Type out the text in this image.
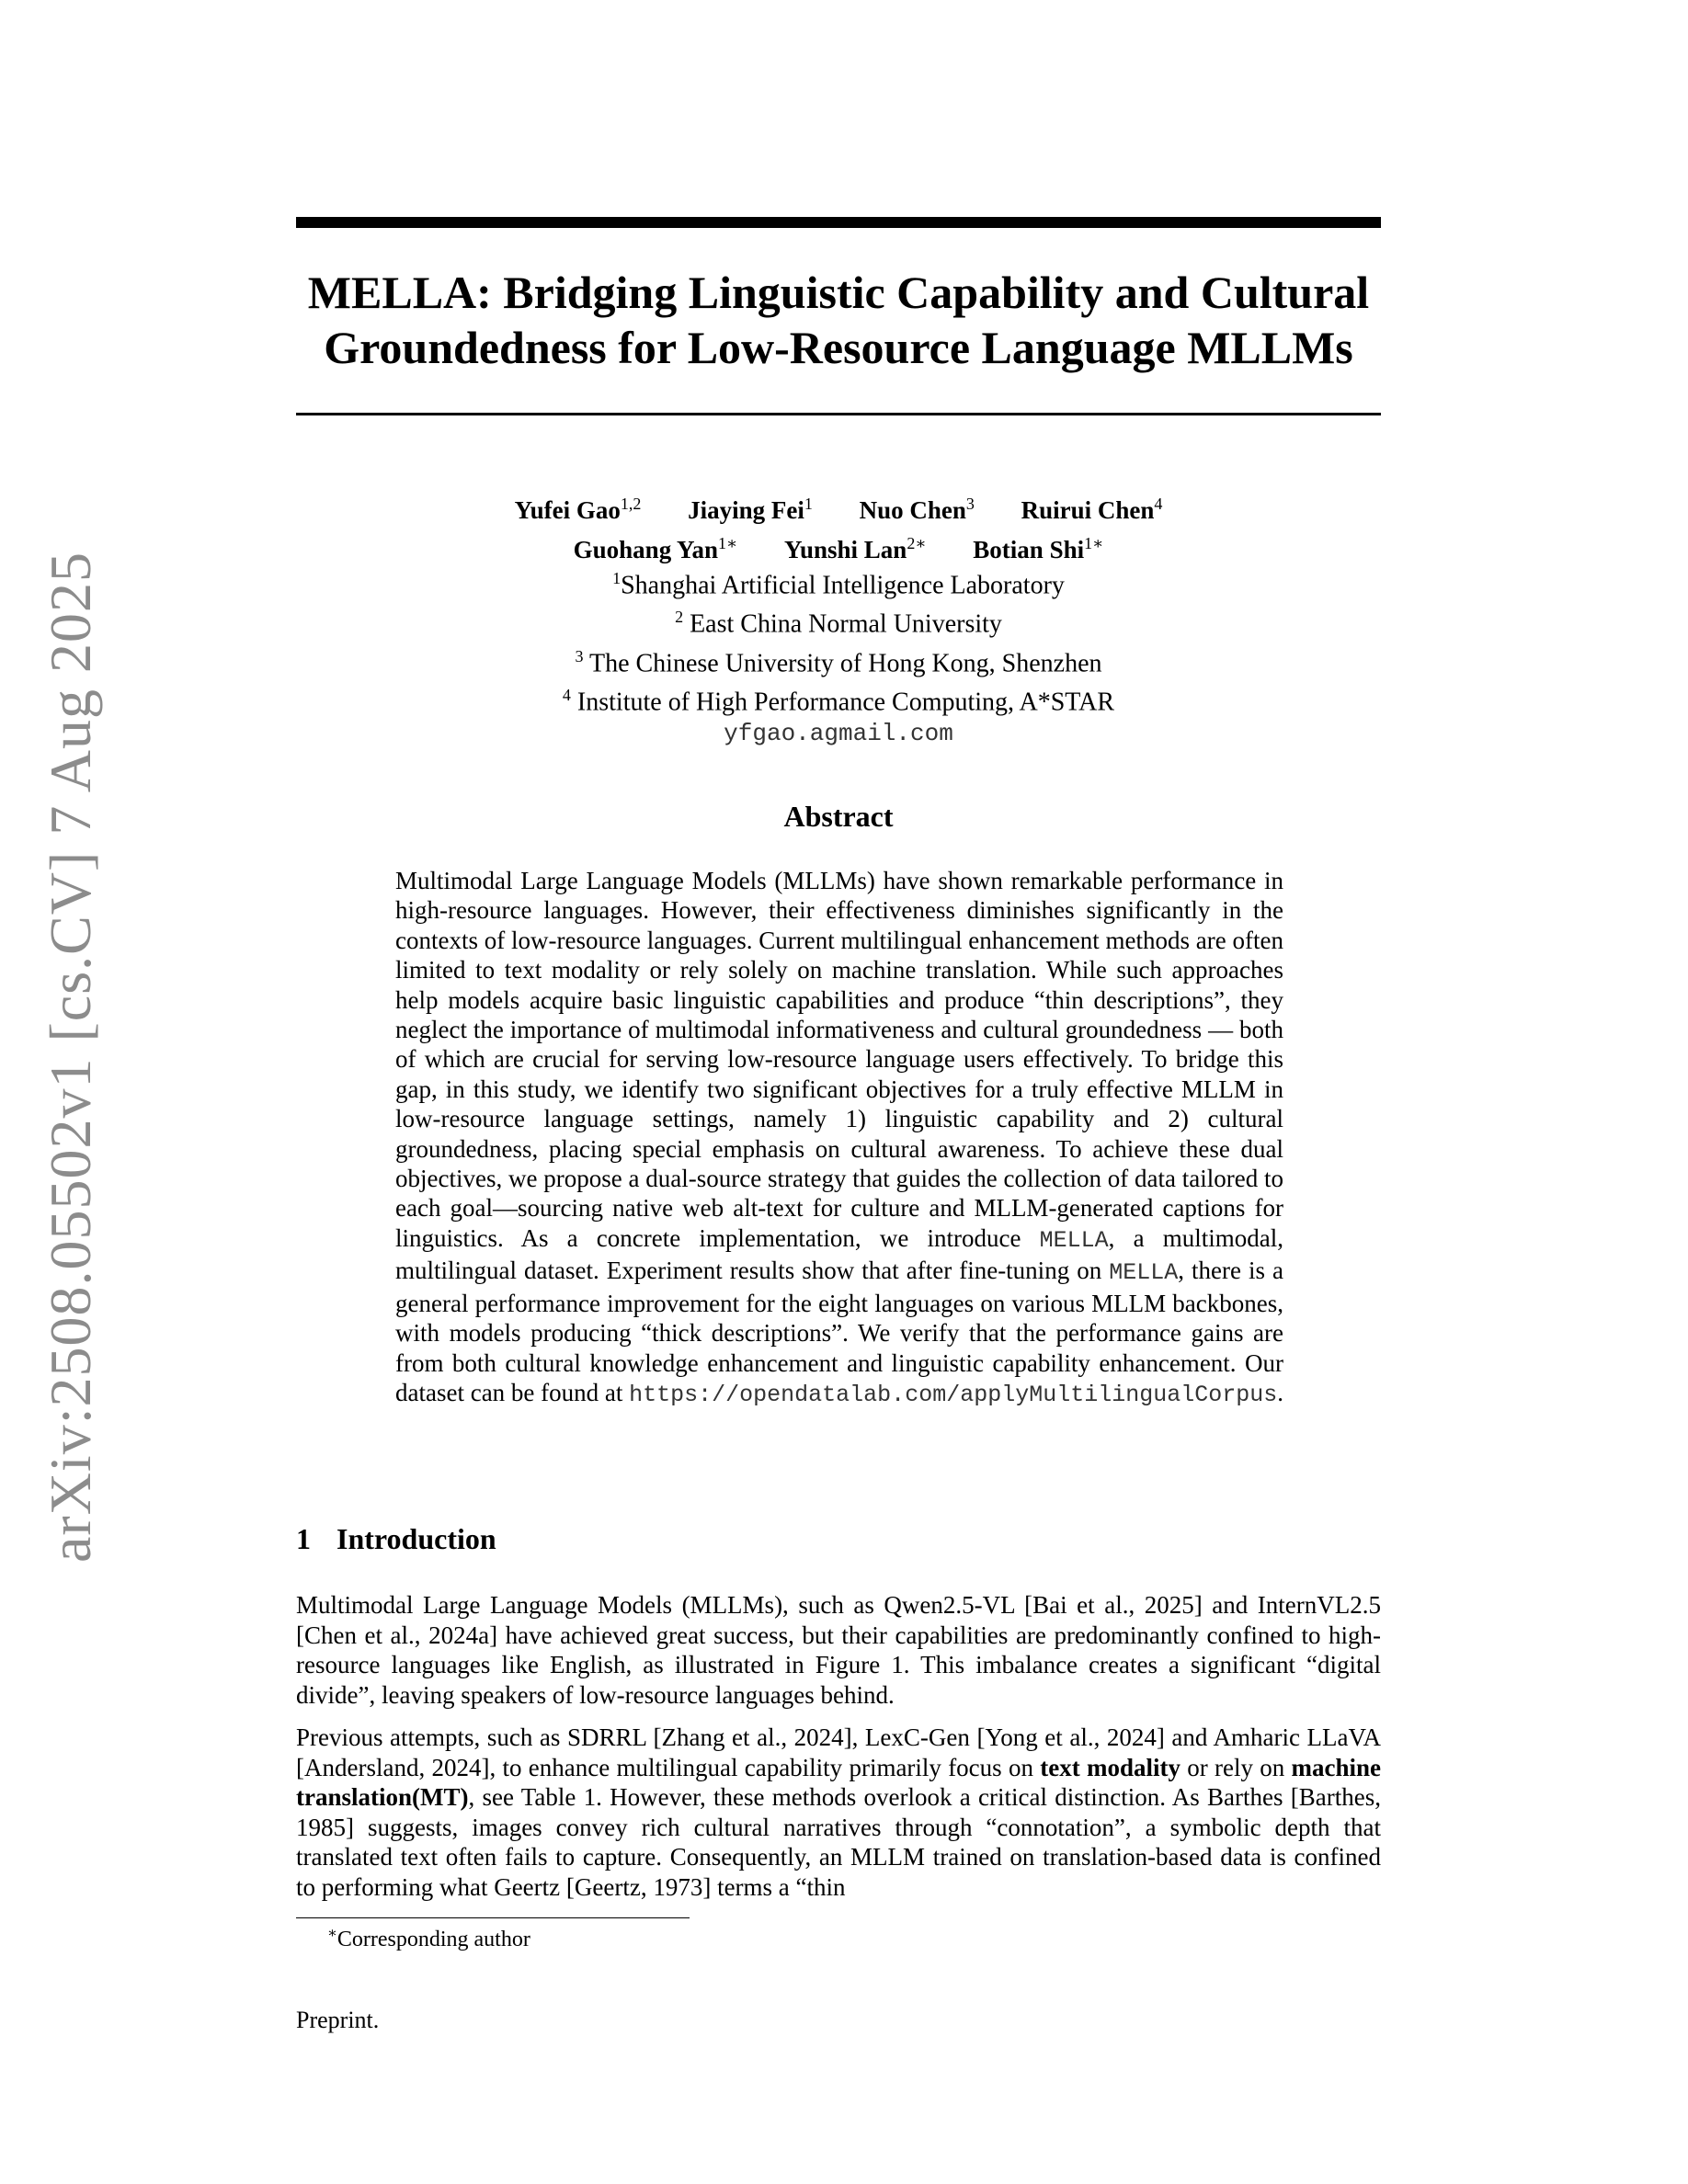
arXiv:2508.05502v1 [cs.CV] 7 Aug 2025
MELLA: Bridging Linguistic Capability and Cultural
Groundedness for Low-Resource Language MLLMs
Yufei Gao$^{1,2}$ Jiaying Fei$^1$ Nuo Chen$^3$ Ruirui Chen$^4$
Guohang Yan$^{1∗}$ Yunshi Lan$^{2∗}$ Botian Shi$^{1∗}$
$^1$Shanghai Artificial Intelligence Laboratory
$^2$ East China Normal University
$^3$ The Chinese University of Hong Kong, Shenzhen
$^4$ Institute of High Performance Computing, A*STAR
yfgao.agmail.com
Abstract
Multimodal Large Language Models (MLLMs) have shown remarkable performance in high-resource languages. However, their effectiveness diminishes significantly in the contexts of low-resource languages. Current multilingual enhancement methods are often limited to text modality or rely solely on machine translation. While such approaches help models acquire basic linguistic capabilities and produce “thin descriptions”, they neglect the importance of multimodal informativeness and cultural groundedness — both of which are crucial for serving low-resource language users effectively. To bridge this gap, in this study, we identify two significant objectives for a truly effective MLLM in low-resource language settings, namely 1) linguistic capability and 2) cultural groundedness, placing special emphasis on cultural awareness. To achieve these dual objectives, we propose a dual-source strategy that guides the collection of data tailored to each goal—sourcing native web alt-text for culture and MLLM-generated captions for linguistics. As a concrete implementation, we introduce MELLA, a multimodal, multilingual dataset. Experiment results show that after fine-tuning on MELLA, there is a general performance improvement for the eight languages on various MLLM backbones, with models producing “thick descriptions”. We verify that the performance gains are from both cultural knowledge enhancement and linguistic capability enhancement. Our dataset can be found at https://opendatalab.com/applyMultilingualCorpus.
1 Introduction

Multimodal Large Language Models (MLLMs), such as Qwen2.5-VL [Bai et al., 2025] and InternVL2.5 [Chen et al., 2024a] have achieved great success, but their capabilities are predominantly confined to high-resource languages like English, as illustrated in Figure 1. This imbalance creates a significant “digital divide”, leaving speakers of low-resource languages behind.

Previous attempts, such as SDRRL [Zhang et al., 2024], LexC-Gen [Yong et al., 2024] and Amharic LLaVA [Andersland, 2024], to enhance multilingual capability primarily focus on text modality or rely on machine translation(MT), see Table 1. However, these methods overlook a critical distinction. As Barthes [Barthes, 1985] suggests, images convey rich cultural narratives through “connotation”, a symbolic depth that translated text often fails to capture. Consequently, an MLLM trained on translation-based data is confined to performing what Geertz [Geertz, 1973] terms a “thin

∗Corresponding author
Preprint.
